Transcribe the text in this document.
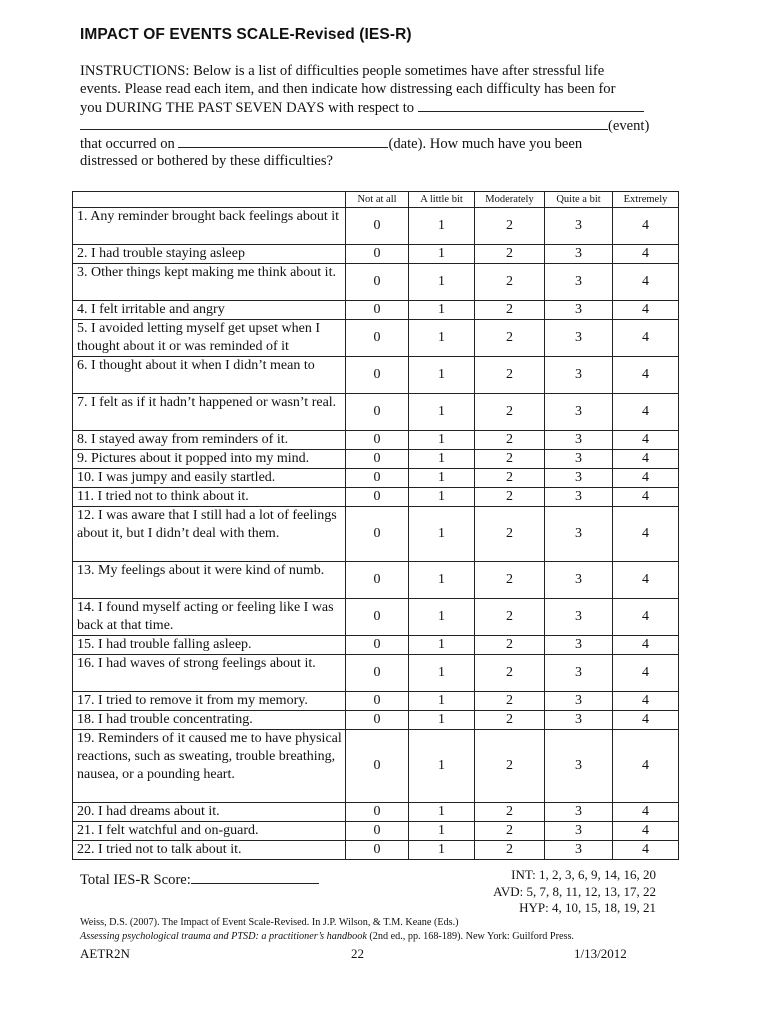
IMPACT OF EVENTS SCALE-Revised (IES-R)
INSTRUCTIONS: Below is a list of difficulties people sometimes have after stressful life
events. Please read each item, and then indicate how distressing each difficulty has been for
you DURING THE PAST SEVEN DAYS with respect to
(event)
that occurred on	(date). How much have you been
distressed or bothered by these difficulties?
	Not at all	A little bit	Moderately	Quite a bit	Extremely
1. Any reminder brought back feelings about it	0	1	2	3	4
2. I had trouble staying asleep	0	1	2	3	4
3. Other things kept making me think about it.	0	1	2	3	4
4. I felt irritable and angry	0	1	2	3	4
5. I avoided letting myself get upset when I thought about it or was reminded of it	0	1	2	3	4
6. I thought about it when I didn’t mean to	0	1	2	3	4
7. I felt as if it hadn’t happened or wasn’t real.	0	1	2	3	4
8. I stayed away from reminders of it.	0	1	2	3	4
9. Pictures about it popped into my mind.	0	1	2	3	4
10. I was jumpy and easily startled.	0	1	2	3	4
11. I tried not to think about it.	0	1	2	3	4
12. I was aware that I still had a lot of feelings about it, but I didn’t deal with them.	0	1	2	3	4
13. My feelings about it were kind of numb.	0	1	2	3	4
14. I found myself acting or feeling like I was back at that time.	0	1	2	3	4
15. I had trouble falling asleep.	0	1	2	3	4
16. I had waves of strong feelings about it.	0	1	2	3	4
17. I tried to remove it from my memory.	0	1	2	3	4
18. I had trouble concentrating.	0	1	2	3	4
19. Reminders of it caused me to have physical reactions, such as sweating, trouble breathing, nausea, or a pounding heart.	0	1	2	3	4
20. I had dreams about it.	0	1	2	3	4
21. I felt watchful and on-guard.	0	1	2	3	4
22. I tried not to talk about it.	0	1	2	3	4
Total IES-R Score:	INT: 1, 2, 3, 6, 9, 14, 16, 20
AVD: 5, 7, 8, 11, 12, 13, 17, 22
HYP: 4, 10, 15, 18, 19, 21
Weiss, D.S. (2007). The Impact of Event Scale-Revised. In J.P. Wilson, & T.M. Keane (Eds.)
Assessing psychological trauma and PTSD: a practitioner’s handbook (2nd ed., pp. 168-189). New York: Guilford Press.
AETR2N	22	1/13/2012
